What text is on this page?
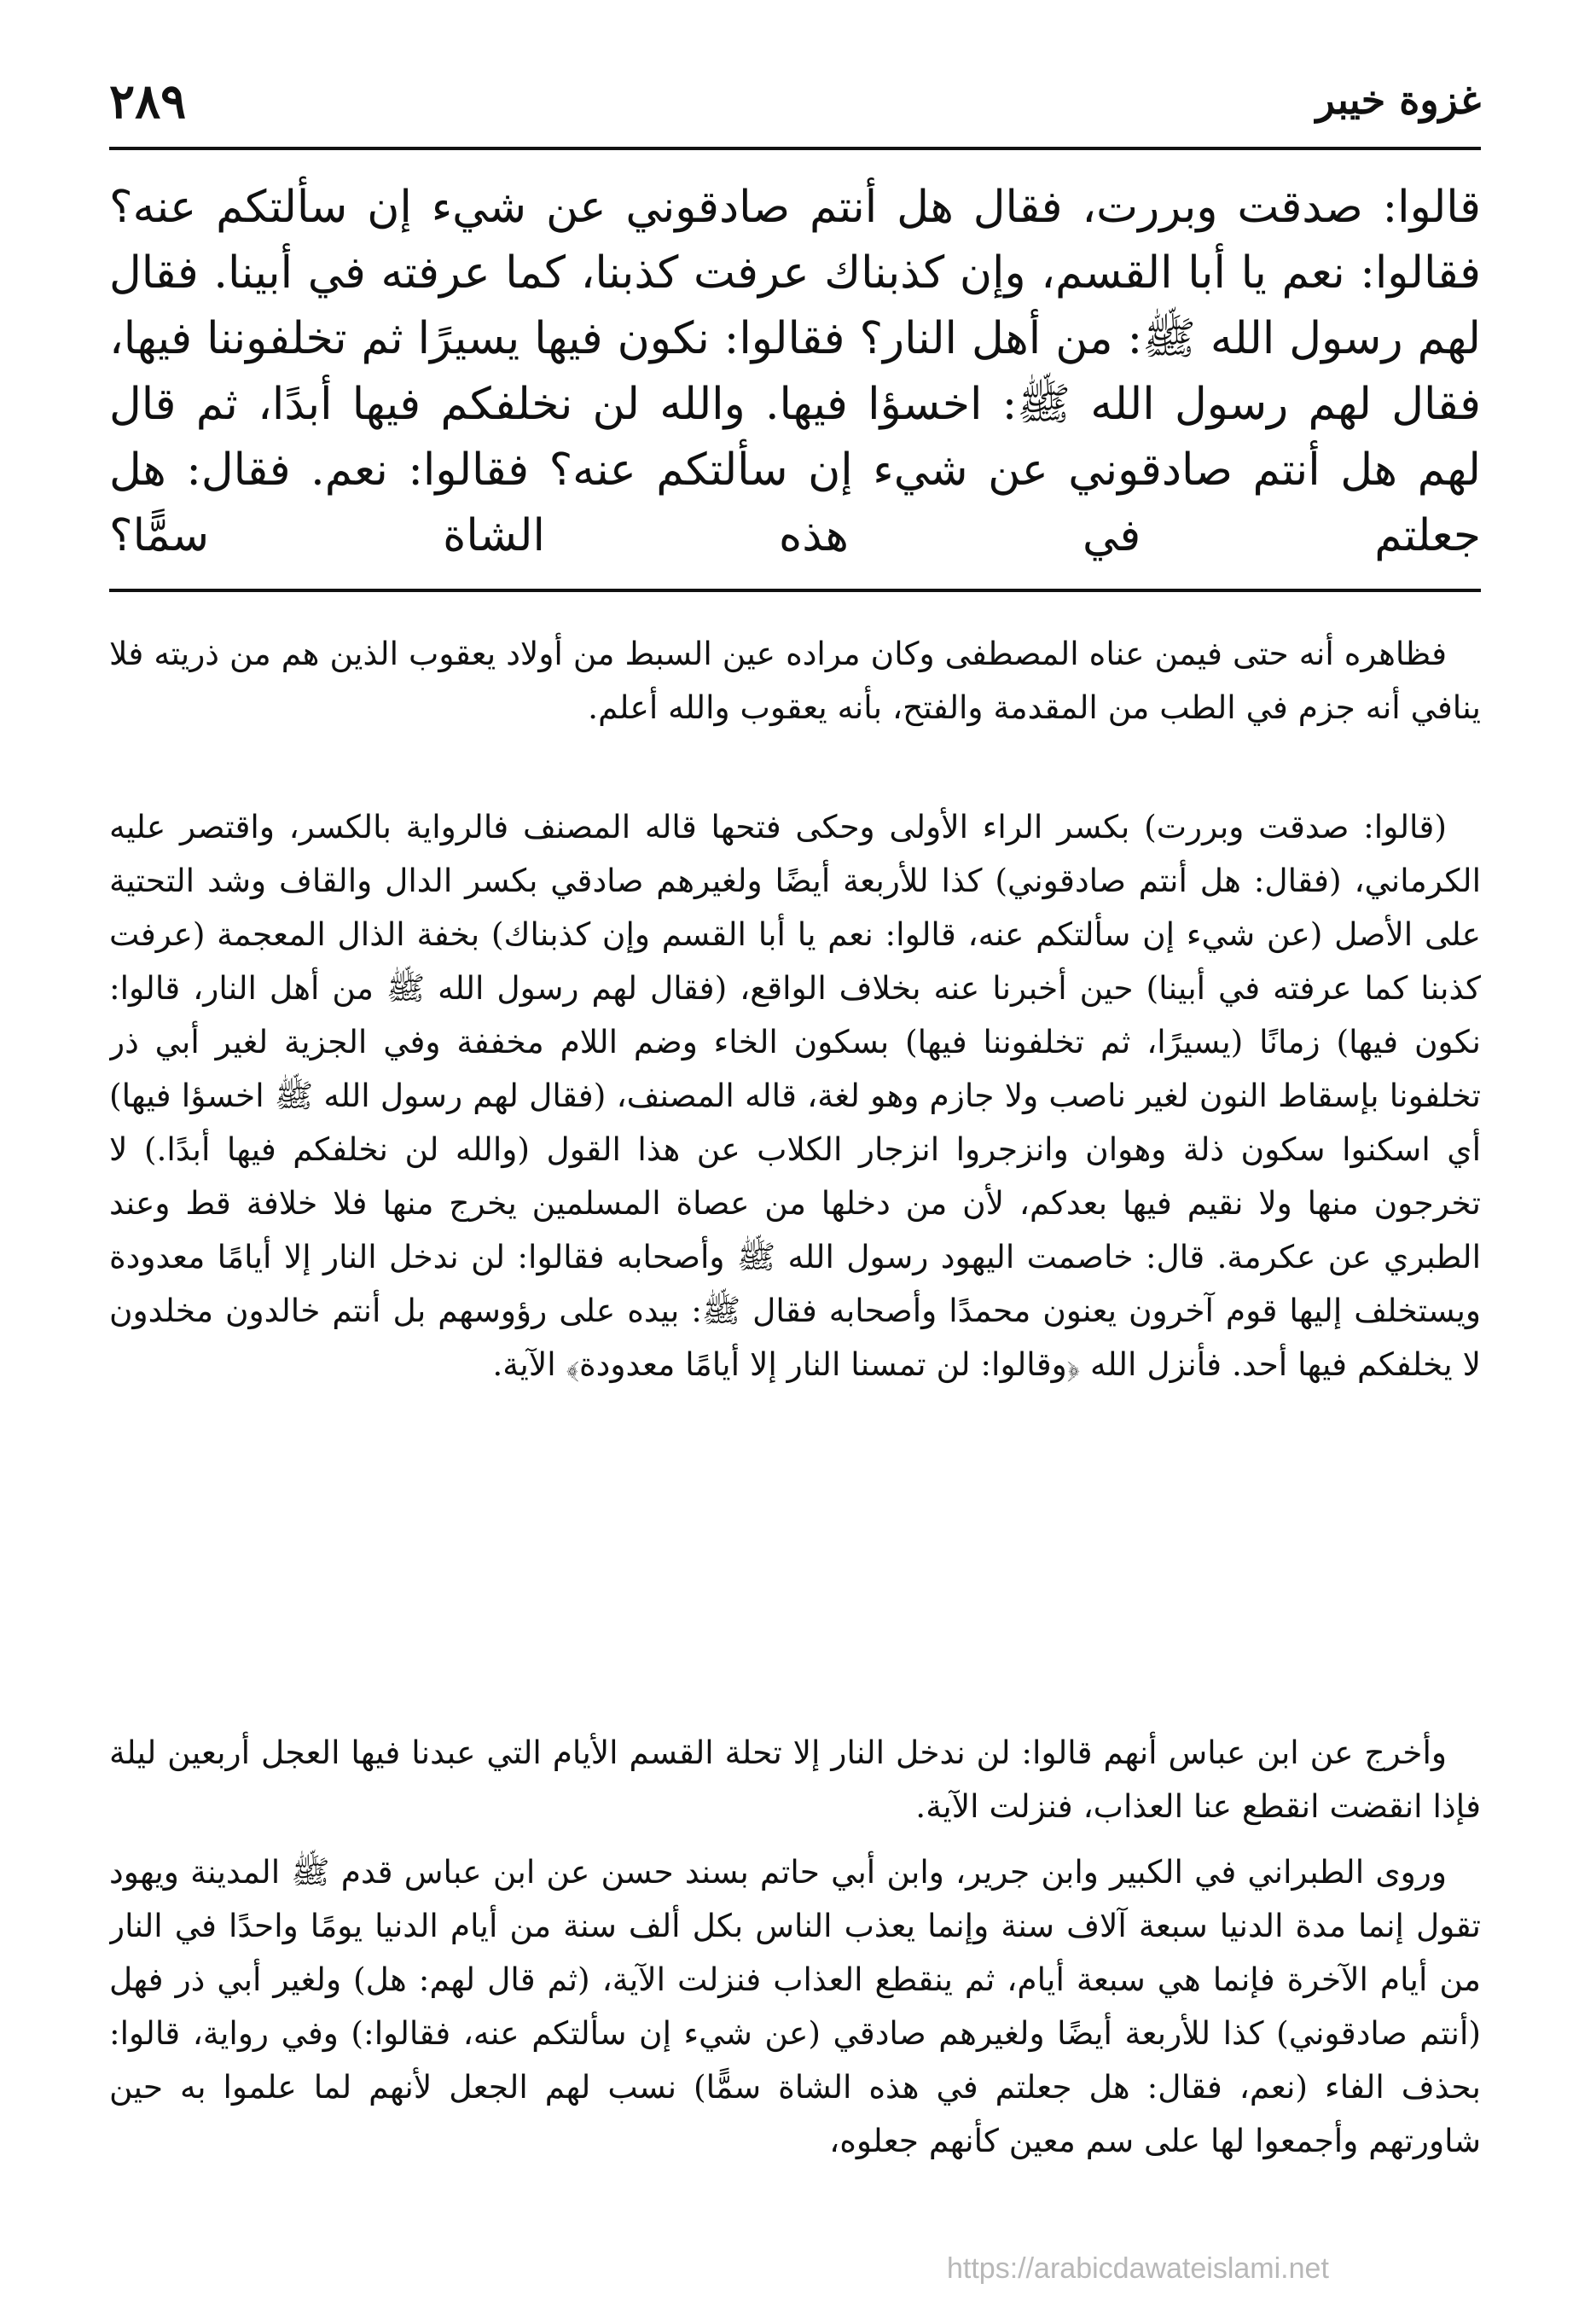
غزوة خيبر
٢٨٩

قالوا: صدقت وبررت، فقال هل أنتم صادقوني عن شيء إن سألتكم عنه؟ فقالوا: نعم يا أبا القسم، وإن كذبناك عرفت كذبنا، كما عرفته في أبينا. فقال لهم رسول الله ﷺ: من أهل النار؟ فقالوا: نكون فيها يسيرًا ثم تخلفوننا فيها، فقال لهم رسول الله ﷺ: اخسؤا فيها. والله لن نخلفكم فيها أبدًا، ثم قال لهم هل أنتم صادقوني عن شيء إن سألتكم عنه؟ فقالوا: نعم. فقال: هل جعلتم في هذه الشاة سمًّا؟

فظاهره أنه حتى فيمن عناه المصطفى وكان مراده عين السبط من أولاد يعقوب الذين هم من ذريته فلا ينافي أنه جزم في الطب من المقدمة والفتح، بأنه يعقوب والله أعلم.

(قالوا: صدقت وبررت) بكسر الراء الأولى وحكى فتحها قاله المصنف فالرواية بالكسر، واقتصر عليه الكرماني، (فقال: هل أنتم صادقوني) كذا للأربعة أيضًا ولغيرهم صادقي بكسر الدال والقاف وشد التحتية على الأصل (عن شيء إن سألتكم عنه، قالوا: نعم يا أبا القسم وإن كذبناك) بخفة الذال المعجمة (عرفت كذبنا كما عرفته في أبينا) حين أخبرنا عنه بخلاف الواقع، (فقال لهم رسول الله ﷺ من أهل النار، قالوا: نكون فيها) زمانًا (يسيرًا، ثم تخلفوننا فيها) بسكون الخاء وضم اللام مخففة وفي الجزية لغير أبي ذر تخلفونا بإسقاط النون لغير ناصب ولا جازم وهو لغة، قاله المصنف، (فقال لهم رسول الله ﷺ اخسؤا فيها) أي اسكنوا سكون ذلة وهوان وانزجروا انزجار الكلاب عن هذا القول (والله لن نخلفكم فيها أبدًا.) لا تخرجون منها ولا نقيم فيها بعدكم، لأن من دخلها من عصاة المسلمين يخرج منها فلا خلافة قط وعند الطبري عن عكرمة. قال: خاصمت اليهود رسول الله ﷺ وأصحابه فقالوا: لن ندخل النار إلا أيامًا معدودة ويستخلف إليها قوم آخرون يعنون محمدًا وأصحابه فقال ﷺ: بيده على رؤوسهم بل أنتم خالدون مخلدون لا يخلفكم فيها أحد. فأنزل الله ﴿وقالوا: لن تمسنا النار إلا أيامًا معدودة﴾ الآية.

وأخرج عن ابن عباس أنهم قالوا: لن ندخل النار إلا تحلة القسم الأيام التي عبدنا فيها العجل أربعين ليلة فإذا انقضت انقطع عنا العذاب، فنزلت الآية.

وروى الطبراني في الكبير وابن جرير، وابن أبي حاتم بسند حسن عن ابن عباس قدم ﷺ المدينة ويهود تقول إنما مدة الدنيا سبعة آلاف سنة وإنما يعذب الناس بكل ألف سنة من أيام الدنيا يومًا واحدًا في النار من أيام الآخرة فإنما هي سبعة أيام، ثم ينقطع العذاب فنزلت الآية، (ثم قال لهم: هل) ولغير أبي ذر فهل (أنتم صادقوني) كذا للأربعة أيضًا ولغيرهم صادقي (عن شيء إن سألتكم عنه، فقالوا:) وفي رواية، قالوا: بحذف الفاء (نعم، فقال: هل جعلتم في هذه الشاة سمًّا) نسب لهم الجعل لأنهم لما علموا به حين شاورتهم وأجمعوا لها على سم معين كأنهم جعلوه،

https://arabicdawateislami.net
